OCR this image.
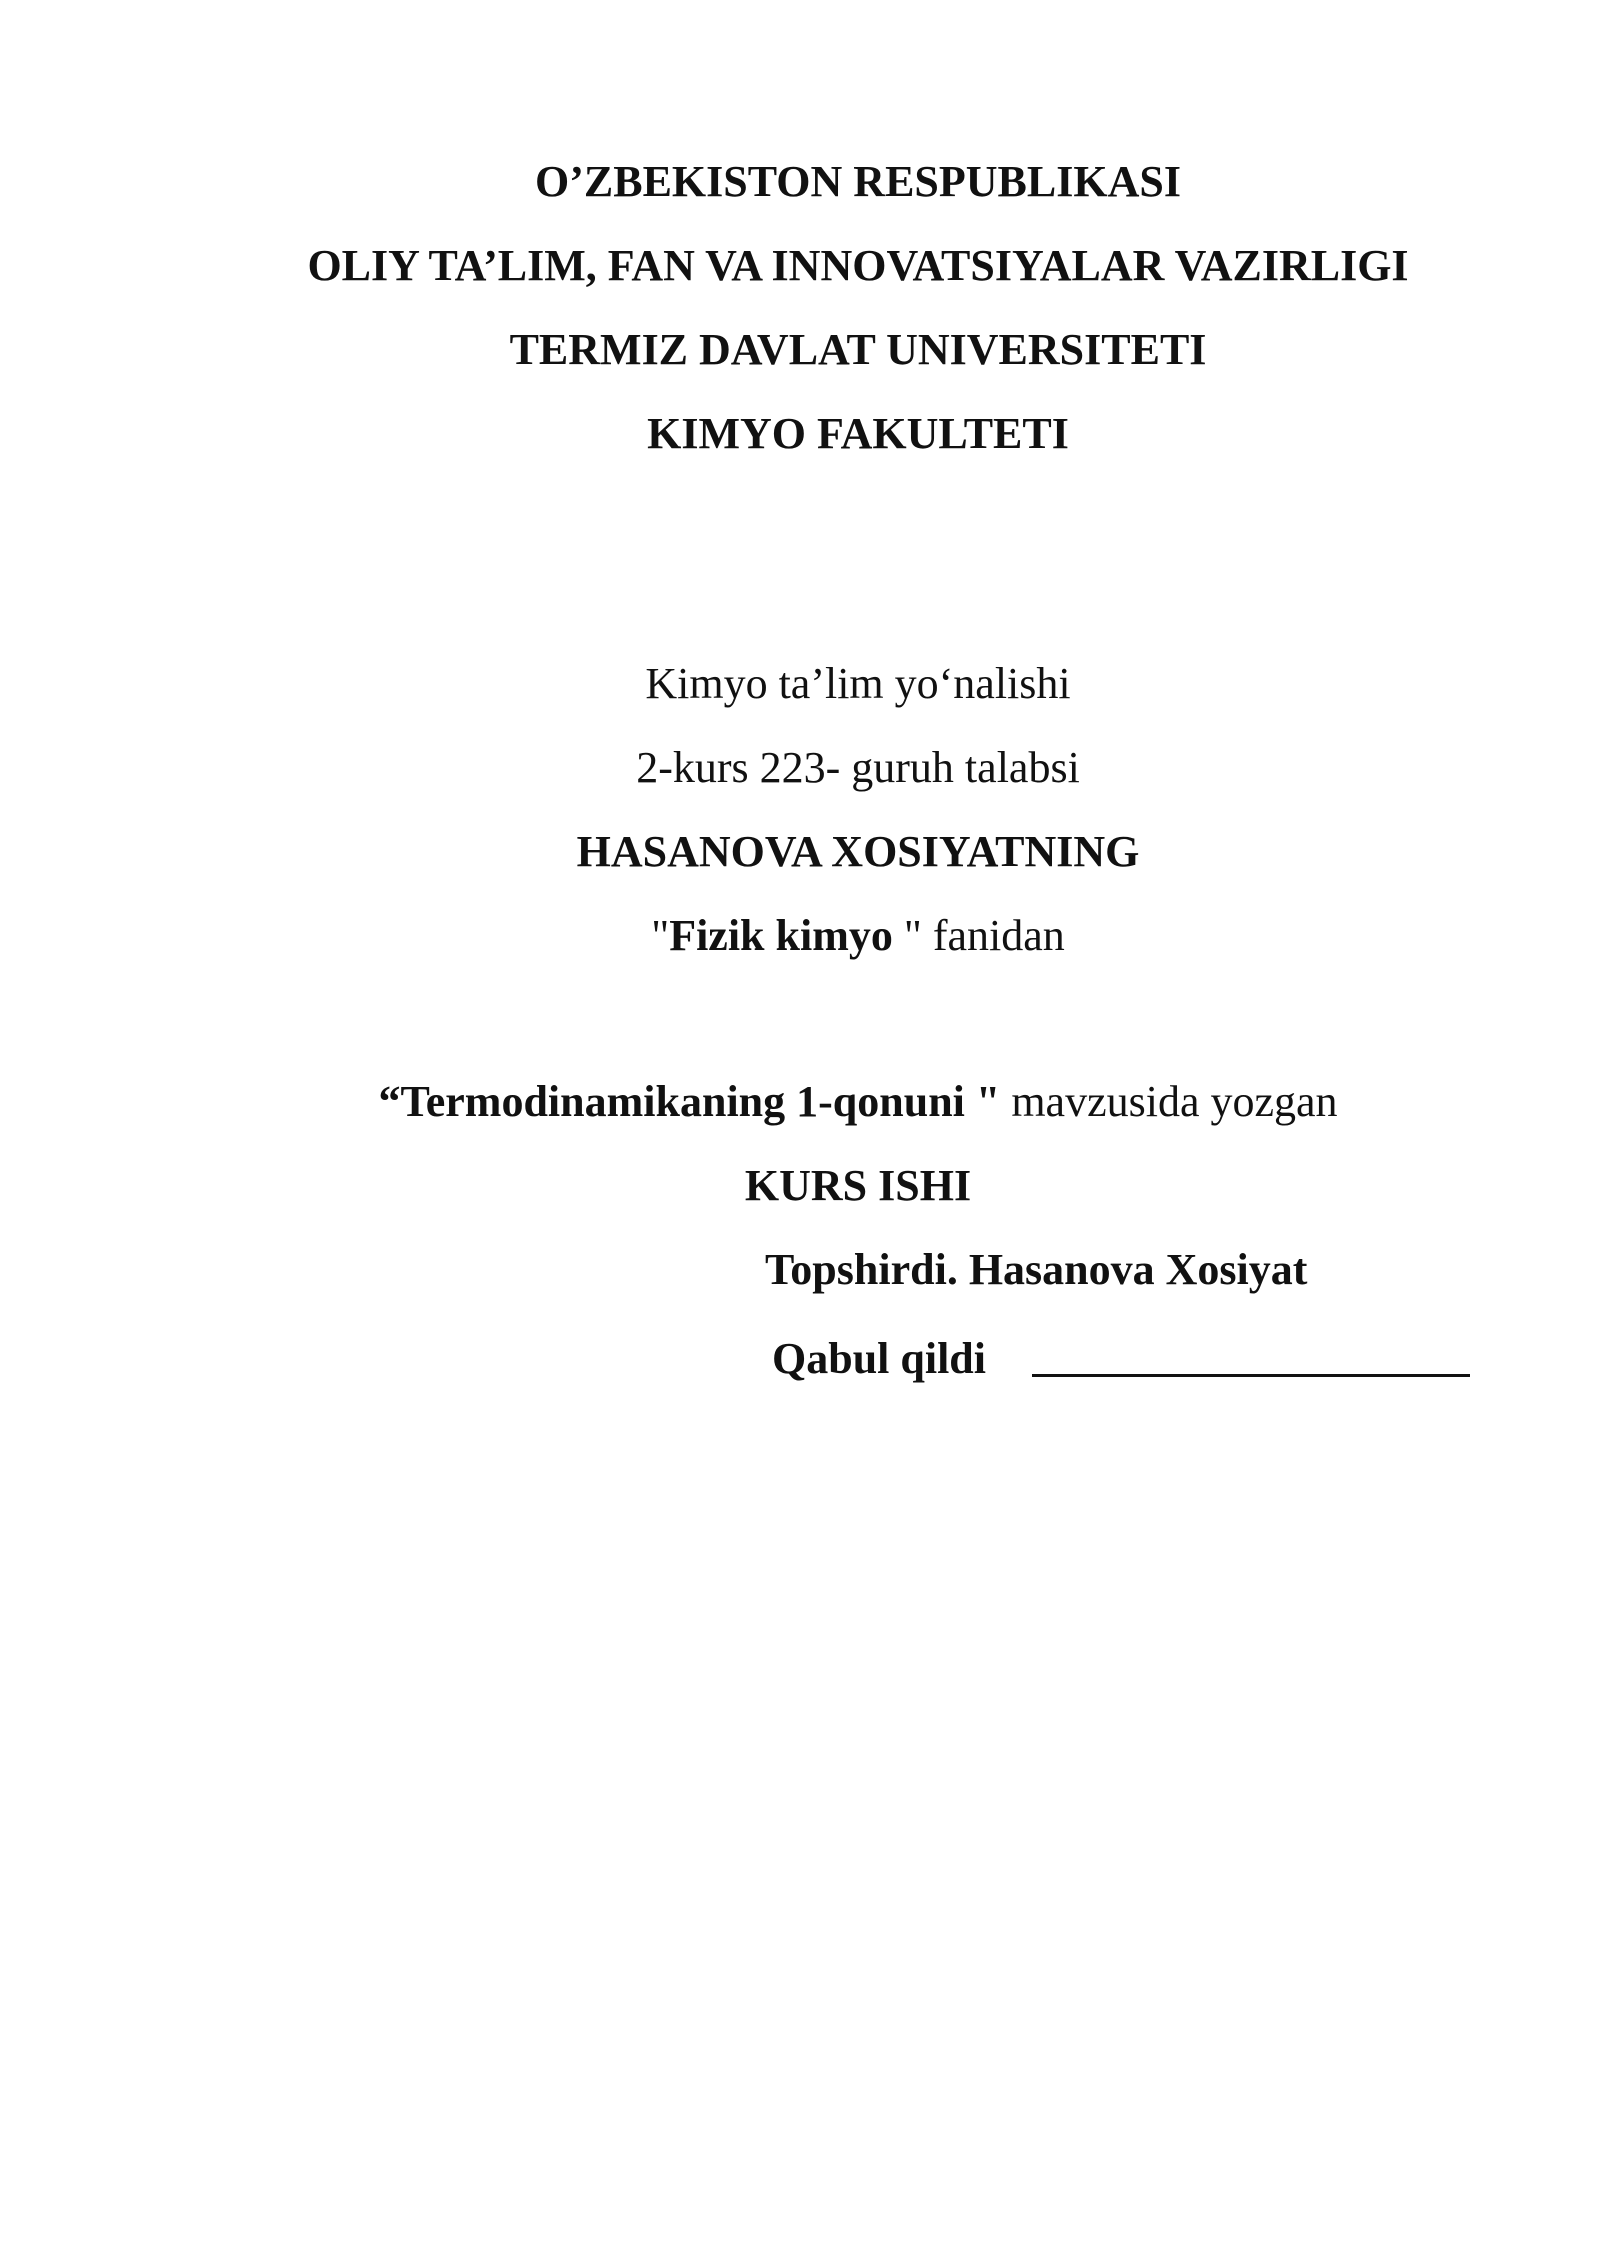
O’ZBEKISTON RESPUBLIKASI
OLIY TA’LIM, FAN VA INNOVATSIYALAR VAZIRLIGI
TERMIZ DAVLAT UNIVERSITETI
KIMYO FAKULTETI
Kimyo ta’lim yo‘nalishi
2-kurs 223- guruh talabsi
HASANOVA XOSIYATNING
"Fizik kimyo " fanidan
“Termodinamikaning 1-qonuni " mavzusida yozgan
KURS ISHI
Topshirdi. Hasanova Xosiyat
Qabul qildi
